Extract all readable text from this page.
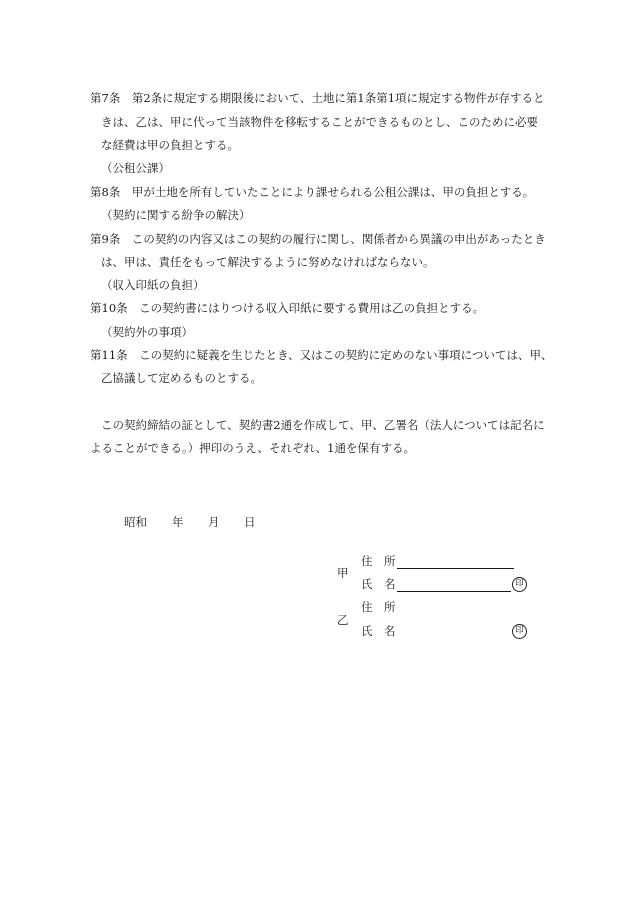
第7条　第2条に規定する期限後において、土地に第1条第1項に規定する物件が存すると
きは、乙は、甲に代って当該物件を移転することができるものとし、このために必要
な経費は甲の負担とする。
（公租公課）
第8条　甲が土地を所有していたことにより課せられる公租公課は、甲の負担とする。
（契約に関する紛争の解決）
第9条　この契約の内容又はこの契約の履行に関し、関係者から異議の申出があったとき
は、甲は、責任をもって解決するように努めなければならない。
（収入印紙の負担）
第10条　この契約書にはりつける収入印紙に要する費用は乙の負担とする。
（契約外の事項）
第11条　この契約に疑義を生じたとき、又はこの契約に定めのない事項については、甲、
乙協議して定めるものとする。
この契約締結の証として、契約書2通を作成して、甲、乙署名（法人については記名に
よることができる。）押印のうえ、それぞれ、1通を保有する。
昭和 年 月 日
甲
住　所
氏　名	印
乙
住　所
氏　名	印
